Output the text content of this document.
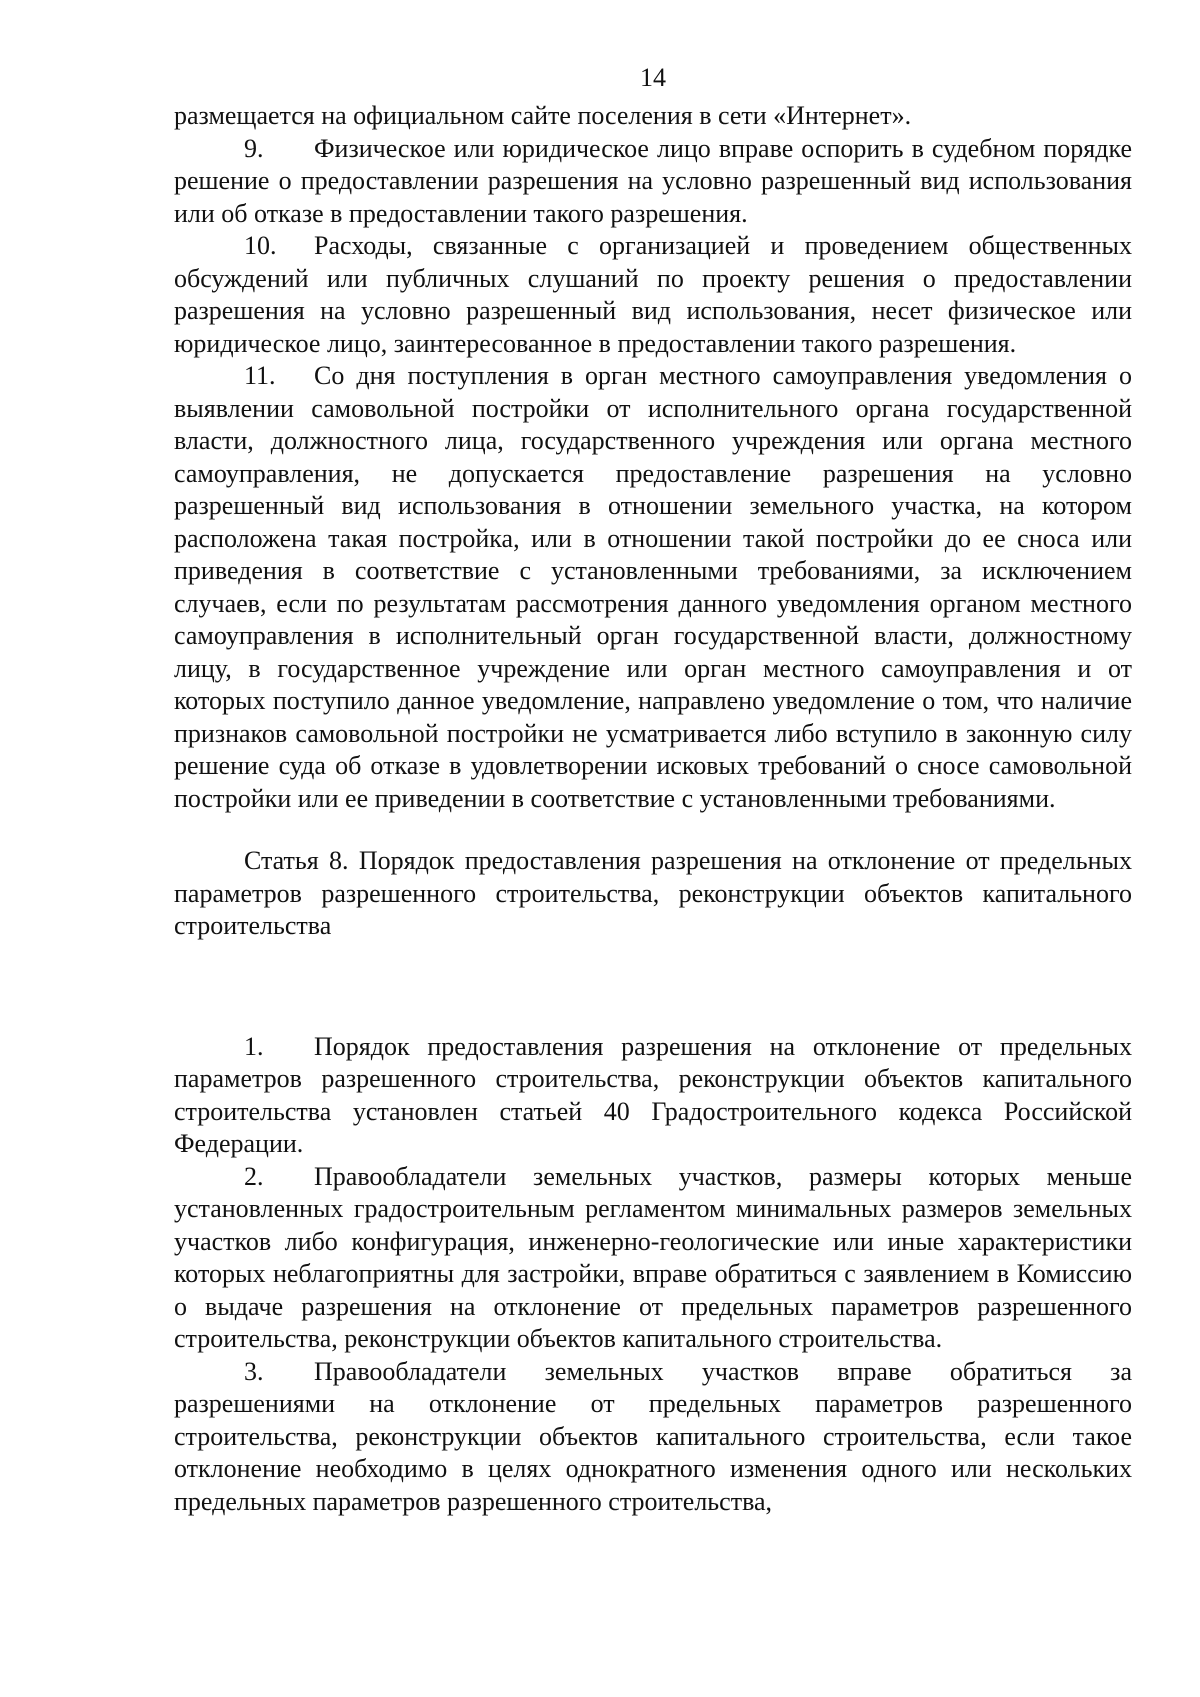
14

размещается на официальном сайте поселения в сети «Интернет».

9. Физическое или юридическое лицо вправе оспорить в судебном порядке решение о предоставлении разрешения на условно разрешенный вид использования или об отказе в предоставлении такого разрешения.

10. Расходы, связанные с организацией и проведением общественных обсуждений или публичных слушаний по проекту решения о предоставлении разрешения на условно разрешенный вид использования, несет физическое или юридическое лицо, заинтересованное в предоставлении такого разрешения.

11. Со дня поступления в орган местного самоуправления уведомления о выявлении самовольной постройки от исполнительного органа государственной власти, должностного лица, государственного учреждения или органа местного самоуправления, не допускается предоставление разрешения на условно разрешенный вид использования в отношении земельного участка, на котором расположена такая постройка, или в отношении такой постройки до ее сноса или приведения в соответствие с установленными требованиями, за исключением случаев, если по результатам рассмотрения данного уведомления органом местного самоуправления в исполнительный орган государственной власти, должностному лицу, в государственное учреждение или орган местного самоуправления и от которых поступило данное уведомление, направлено уведомление о том, что наличие признаков самовольной постройки не усматривается либо вступило в законную силу решение суда об отказе в удовлетворении исковых требований о сносе самовольной постройки или ее приведении в соответствие с установленными требованиями.

Статья 8. Порядок предоставления разрешения на отклонение от предельных параметров разрешенного строительства, реконструкции объектов капитального строительства

1. Порядок предоставления разрешения на отклонение от предельных параметров разрешенного строительства, реконструкции объектов капитального строительства установлен статьей 40 Градостроительного кодекса Российской Федерации.

2. Правообладатели земельных участков, размеры которых меньше установленных градостроительным регламентом минимальных размеров земельных участков либо конфигурация, инженерно-геологические или иные характеристики которых неблагоприятны для застройки, вправе обратиться с заявлением в Комиссию о выдаче разрешения на отклонение от предельных параметров разрешенного строительства, реконструкции объектов капитального строительства.

3. Правообладатели земельных участков вправе обратиться за разрешениями на отклонение от предельных параметров разрешенного строительства, реконструкции объектов капитального строительства, если такое отклонение необходимо в целях однократного изменения одного или нескольких предельных параметров разрешенного строительства,
